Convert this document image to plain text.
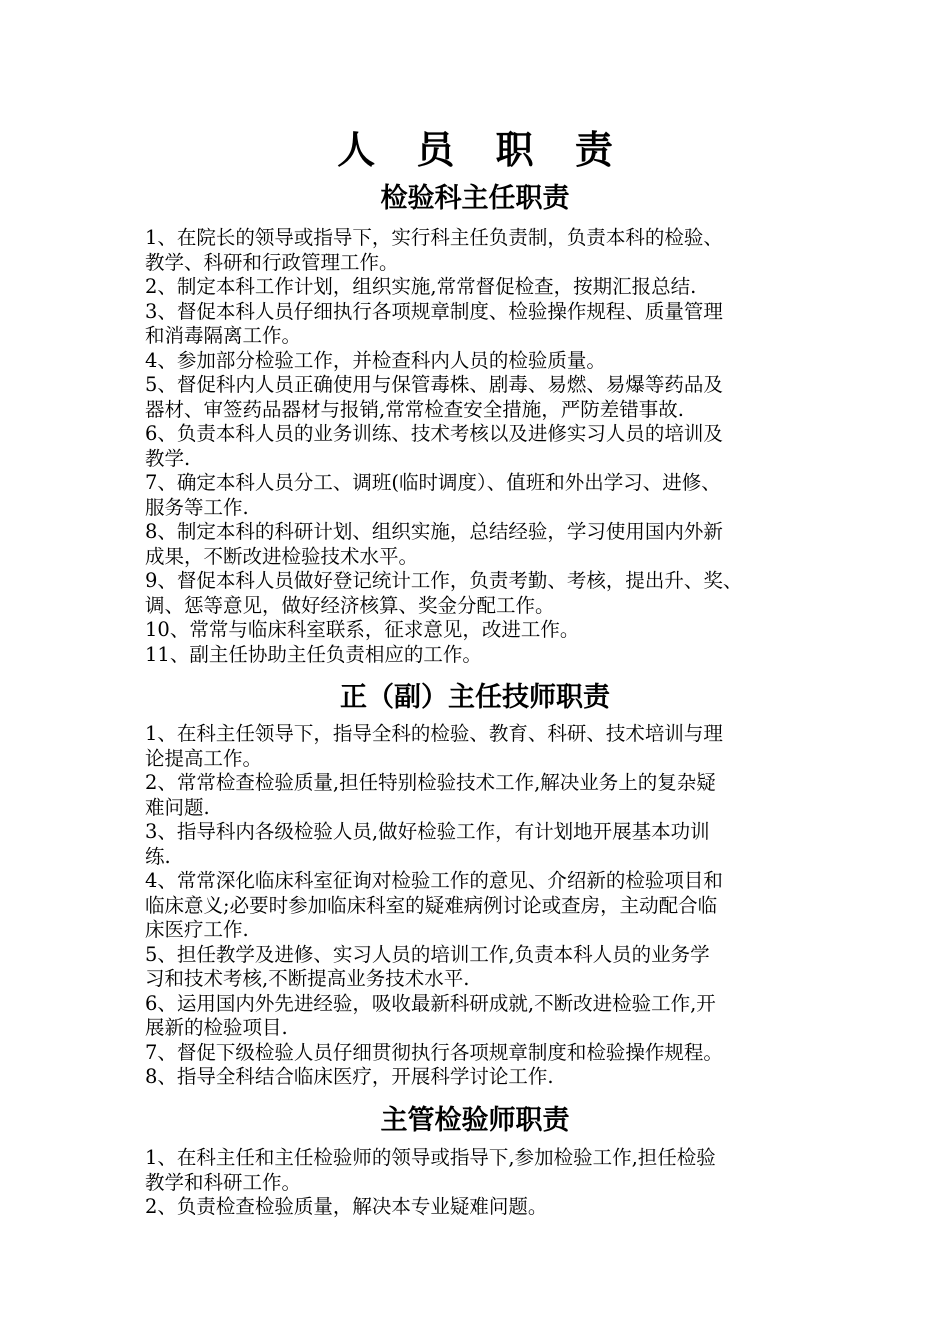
人 员 职 责
检验科主任职责
1、在院长的领导或指导下，实行科主任负责制，负责本科的检验、
教学、科研和行政管理工作。
2、制定本科工作计划，组织实施,常常督促检查，按期汇报总结.
3、督促本科人员仔细执行各项规章制度、检验操作规程、质量管理
和消毒隔离工作。
4、参加部分检验工作，并检查科内人员的检验质量。
5、督促科内人员正确使用与保管毒株、剧毒、易燃、易爆等药品及
器材、审签药品器材与报销,常常检查安全措施，严防差错事故.
6、负责本科人员的业务训练、技术考核以及进修实习人员的培训及
教学.
7、确定本科人员分工、调班(临时调度）、值班和外出学习、进修、
服务等工作.
8、制定本科的科研计划、组织实施，总结经验，学习使用国内外新
成果，不断改进检验技术水平。
9、督促本科人员做好登记统计工作，负责考勤、考核，提出升、奖、
调、惩等意见，做好经济核算、奖金分配工作。
10、常常与临床科室联系，征求意见，改进工作。
11、副主任协助主任负责相应的工作。
正（副）主任技师职责
1、在科主任领导下，指导全科的检验、教育、科研、技术培训与理
论提高工作。
2、常常检查检验质量,担任特别检验技术工作,解决业务上的复杂疑
难问题.
3、指导科内各级检验人员,做好检验工作，有计划地开展基本功训
练.
4、常常深化临床科室征询对检验工作的意见、介绍新的检验项目和
临床意义;必要时参加临床科室的疑难病例讨论或查房，主动配合临
床医疗工作.
5、担任教学及进修、实习人员的培训工作,负责本科人员的业务学
习和技术考核,不断提高业务技术水平.
6、运用国内外先进经验，吸收最新科研成就,不断改进检验工作,开
展新的检验项目.
7、督促下级检验人员仔细贯彻执行各项规章制度和检验操作规程。
8、指导全科结合临床医疗，开展科学讨论工作.
主管检验师职责
1、在科主任和主任检验师的领导或指导下,参加检验工作,担任检验
教学和科研工作。
2、负责检查检验质量，解决本专业疑难问题。
